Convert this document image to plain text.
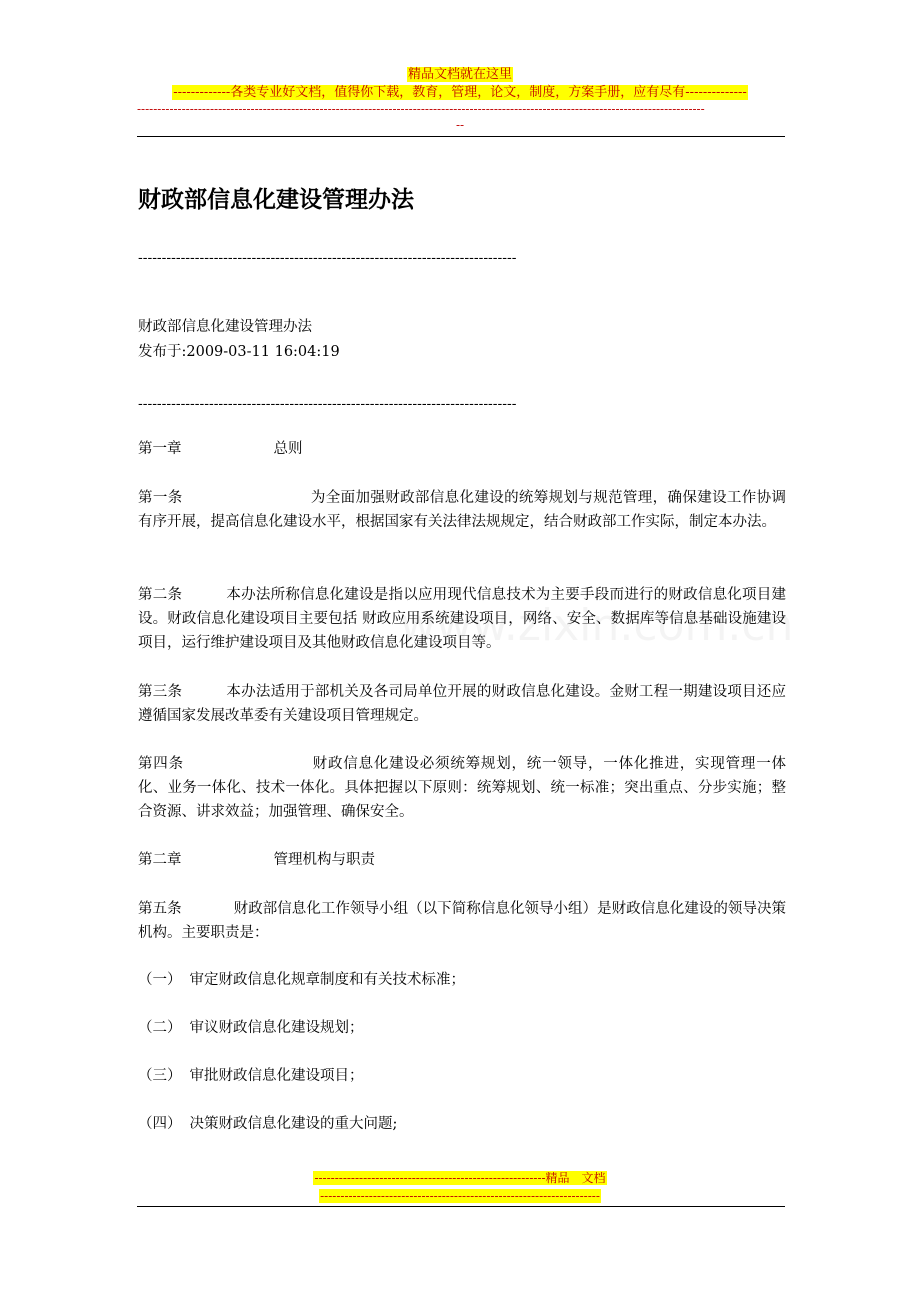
精品文档就在这里
-------------各类专业好文档，值得你下载，教育，管理，论文，制度，方案手册，应有尽有--------------
--------------------------------------------------------------------------------------------------------------------------------------------
--
财政部信息化建设管理办法
--------------------------------------------------------------------------------
财政部信息化建设管理办法
发布于:2009-03-11 16:04:19
--------------------------------------------------------------------------------
第一章	总则
第一条	为全面加强财政部信息化建设的统筹规划与规范管理，确保建设工作协调有序开展，提高信息化建设水平，根据国家有关法律法规规定，结合财政部工作实际，制定本办法。
第二条	本办法所称信息化建设是指以应用现代信息技术为主要手段而进行的财政信息化项目建设。财政信息化建设项目主要包括 财政应用系统建设项目，网络、安全、数据库等信息基础设施建设项目，运行维护建设项目及其他财政信息化建设项目等。
第三条	本办法适用于部机关及各司局单位开展的财政信息化建设。金财工程一期建设项目还应遵循国家发展改革委有关建设项目管理规定。
第四条	财政信息化建设必须统筹规划，统一领导，一体化推进，实现管理一体化、业务一体化、技术一体化。具体把握以下原则：统筹规划、统一标准；突出重点、分步实施；整合资源、讲求效益；加强管理、确保安全。
第二章	管理机构与职责
第五条	财政部信息化工作领导小组（以下简称信息化领导小组）是财政信息化建设的领导决策机构。主要职责是：
（一） 审定财政信息化规章制度和有关技术标准；
（二） 审议财政信息化建设规划；
（三） 审批财政信息化建设项目；
（四） 决策财政信息化建设的重大问题;
---------------------------------------------------------精品　文档
---------------------------------------------------------------------
